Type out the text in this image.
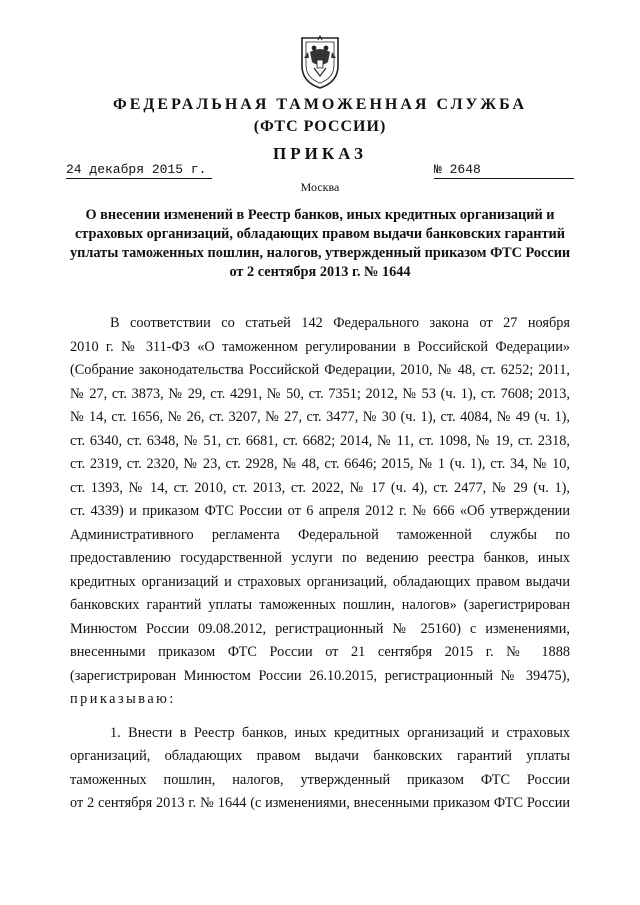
ФЕДЕРАЛЬНАЯ ТАМОЖЕННАЯ СЛУЖБА
(ФТС РОССИИ)
ПРИКАЗ
24 декабря 2015 г.	№ 2648
Москва
О внесении изменений в Реестр банков, иных кредитных организаций и
страховых организаций, обладающих правом выдачи банковских гарантий
уплаты таможенных пошлин, налогов, утвержденный приказом ФТС России
от 2 сентября 2013 г. № 1644
В соответствии со статьей 142 Федерального закона от 27 ноября
2010 г. № 311-ФЗ «О таможенном регулировании в Российской Федерации»
(Собрание законодательства Российской Федерации, 2010, № 48, ст. 6252; 2011,
№ 27, ст. 3873, № 29, ст. 4291, № 50, ст. 7351; 2012, № 53 (ч. 1), ст. 7608; 2013,
№ 14, ст. 1656, № 26, ст. 3207, № 27, ст. 3477, № 30 (ч. 1), ст. 4084, № 49 (ч. 1),
ст. 6340, ст. 6348, № 51, ст. 6681, ст. 6682; 2014, № 11, ст. 1098, № 19, ст. 2318,
ст. 2319, ст. 2320, № 23, ст. 2928, № 48, ст. 6646; 2015, № 1 (ч. 1), ст. 34, № 10,
ст. 1393, № 14, ст. 2010, ст. 2013, ст. 2022, № 17 (ч. 4), ст. 2477, № 29 (ч. 1),
ст. 4339) и приказом ФТС России от 6 апреля 2012 г. № 666 «Об утверждении
Административного регламента Федеральной таможенной службы по
предоставлению государственной услуги по ведению реестра банков, иных
кредитных организаций и страховых организаций, обладающих правом выдачи
банковских гарантий уплаты таможенных пошлин, налогов» (зарегистрирован
Минюстом России 09.08.2012, регистрационный № 25160) с изменениями,
внесенными приказом ФТС России от 21 сентября 2015 г. № 1888
(зарегистрирован Минюстом России 26.10.2015, регистрационный № 39475),
приказываю:
1. Внести в Реестр банков, иных кредитных организаций и страховых
организаций, обладающих правом выдачи банковских гарантий уплаты
таможенных пошлин, налогов, утвержденный приказом ФТС России
от 2 сентября 2013 г. № 1644 (с изменениями, внесенными приказом ФТС России
